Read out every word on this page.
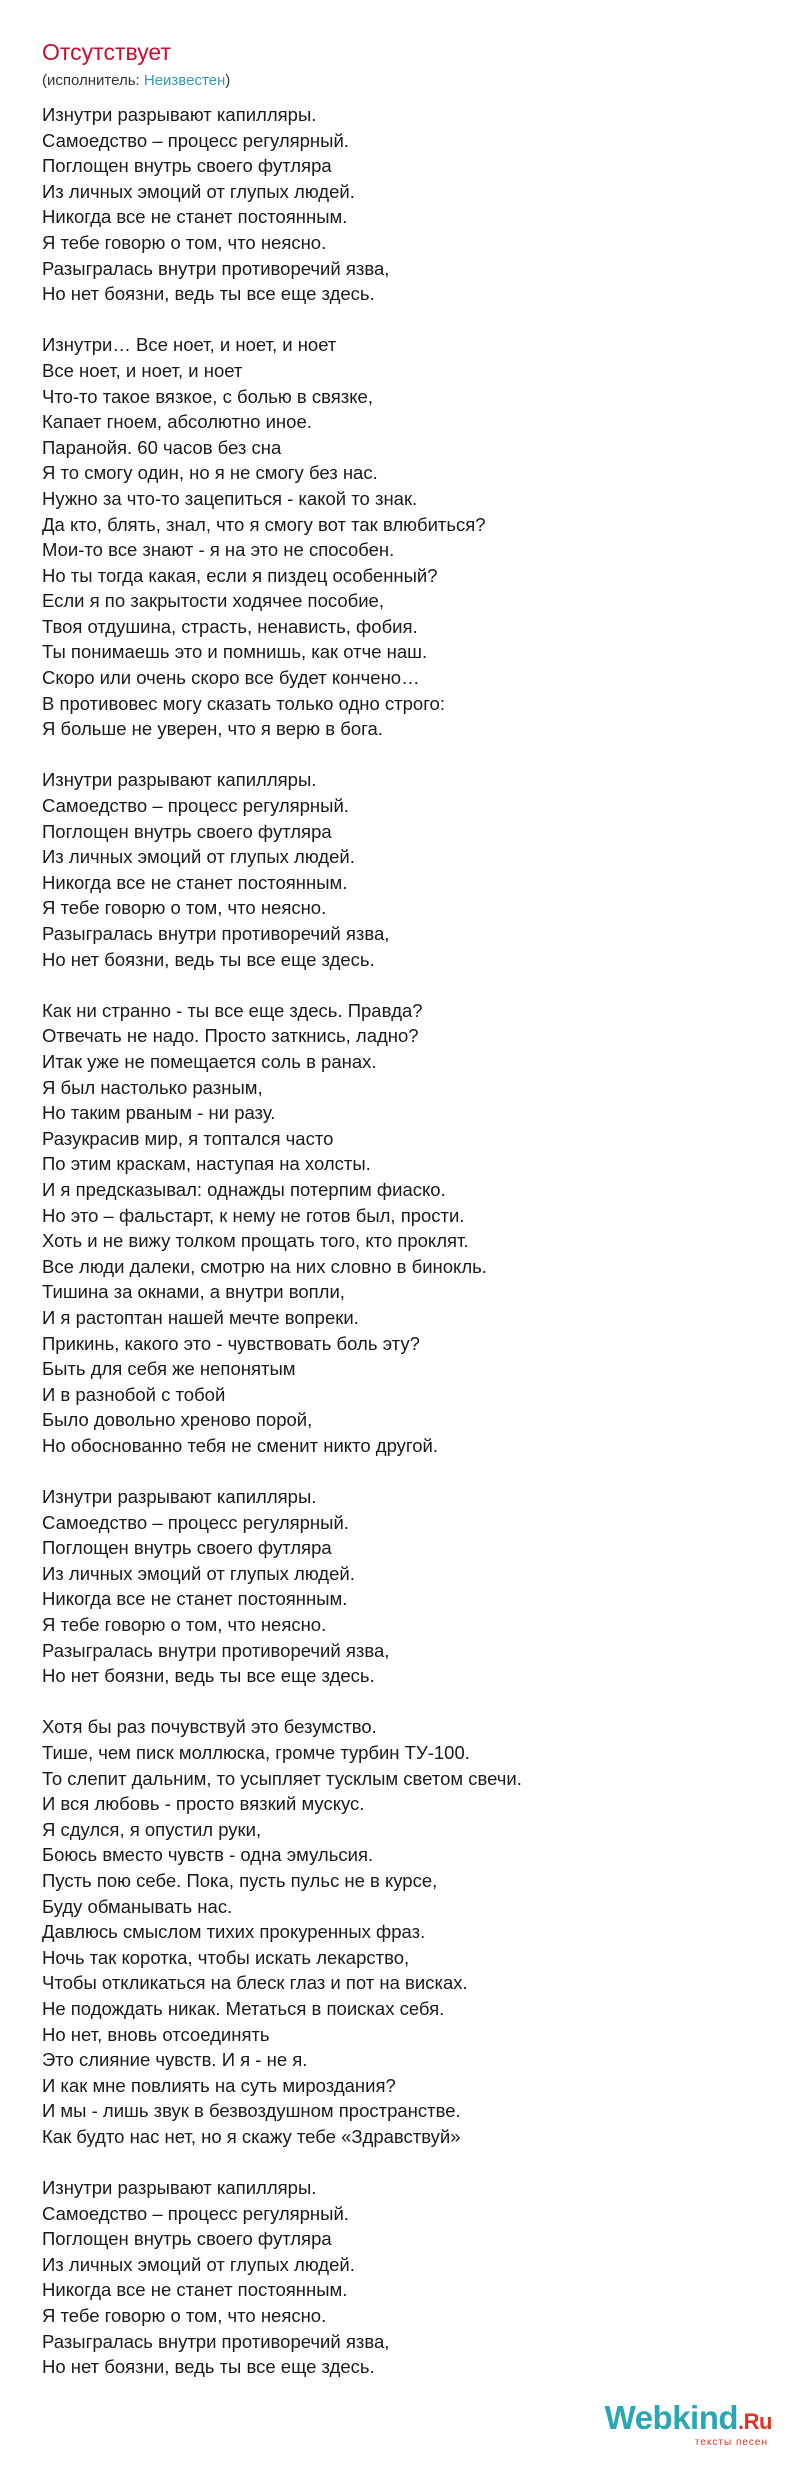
Отсутствует
(исполнитель: Неизвестен)
Изнутри разрывают капилляры.
Самоедство – процесс регулярный.
Поглощен внутрь своего футляра
Из личных эмоций от глупых людей.
Никогда все не станет постоянным.
Я тебе говорю о том, что неясно.
Разыгралась внутри противоречий язва,
Но нет боязни, ведь ты все еще здесь.
Изнутри… Все ноет, и ноет, и ноет
Все ноет, и ноет, и ноет
Что-то такое вязкое, с болью в связке,
Капает гноем, абсолютно иное.
Паранойя. 60 часов без сна
Я то смогу один, но я не смогу без нас.
Нужно за что-то зацепиться - какой то знак.
Да кто, блять, знал, что я смогу вот так влюбиться?
Мои-то все знают - я на это не способен.
Но ты тогда какая, если я пиздец особенный?
Если я по закрытости ходячее пособие,
Твоя отдушина, страсть, ненависть, фобия.
Ты понимаешь это и помнишь, как отче наш.
Скоро или очень скоро все будет кончено…
В противовес могу сказать только одно строго:
Я больше не уверен, что я верю в бога.
Изнутри разрывают капилляры.
Самоедство – процесс регулярный.
Поглощен внутрь своего футляра
Из личных эмоций от глупых людей.
Никогда все не станет постоянным.
Я тебе говорю о том, что неясно.
Разыгралась внутри противоречий язва,
Но нет боязни, ведь ты все еще здесь.
Как ни странно - ты все еще здесь. Правда?
Отвечать не надо. Просто заткнись, ладно?
Итак уже не помещается соль в ранах.
Я был настолько разным,
Но таким рваным - ни разу.
Разукрасив мир, я топтался часто
По этим краскам, наступая на холсты.
И я предсказывал: однажды потерпим фиаско.
Но это – фальстарт, к нему не готов был, прости.
Хоть и не вижу толком прощать того, кто проклят.
Все люди далеки, смотрю на них словно в бинокль.
Тишина за окнами, а внутри вопли,
И я растоптан нашей мечте вопреки.
Прикинь, какого это - чувствовать боль эту?
Быть для себя же непонятым
И в разнобой с тобой
Было довольно хреново порой,
Но обоснованно тебя не сменит никто другой.
Изнутри разрывают капилляры.
Самоедство – процесс регулярный.
Поглощен внутрь своего футляра
Из личных эмоций от глупых людей.
Никогда все не станет постоянным.
Я тебе говорю о том, что неясно.
Разыгралась внутри противоречий язва,
Но нет боязни, ведь ты все еще здесь.
Хотя бы раз почувствуй это безумство.
Тише, чем писк моллюска, громче турбин ТУ-100.
То слепит дальним, то усыпляет тусклым светом свечи.
И вся любовь - просто вязкий мускус.
Я сдулся, я опустил руки,
Боюсь вместо чувств - одна эмульсия.
Пусть пою себе. Пока, пусть пульс не в курсе,
Буду обманывать нас.
Давлюсь смыслом тихих прокуренных фраз.
Ночь так коротка, чтобы искать лекарство,
Чтобы откликаться на блеск глаз и пот на висках.
Не подождать никак. Метаться в поисках себя.
Но нет, вновь отсоединять
Это слияние чувств. И я - не я.
И как мне повлиять на суть мироздания?
И мы - лишь звук в безвоздушном пространстве.
Как будто нас нет, но я скажу тебе «Здравствуй»
Изнутри разрывают капилляры.
Самоедство – процесс регулярный.
Поглощен внутрь своего футляра
Из личных эмоций от глупых людей.
Никогда все не станет постоянным.
Я тебе говорю о том, что неясно.
Разыгралась внутри противоречий язва,
Но нет боязни, ведь ты все еще здесь.
Webkind.Ru
тексты песен
